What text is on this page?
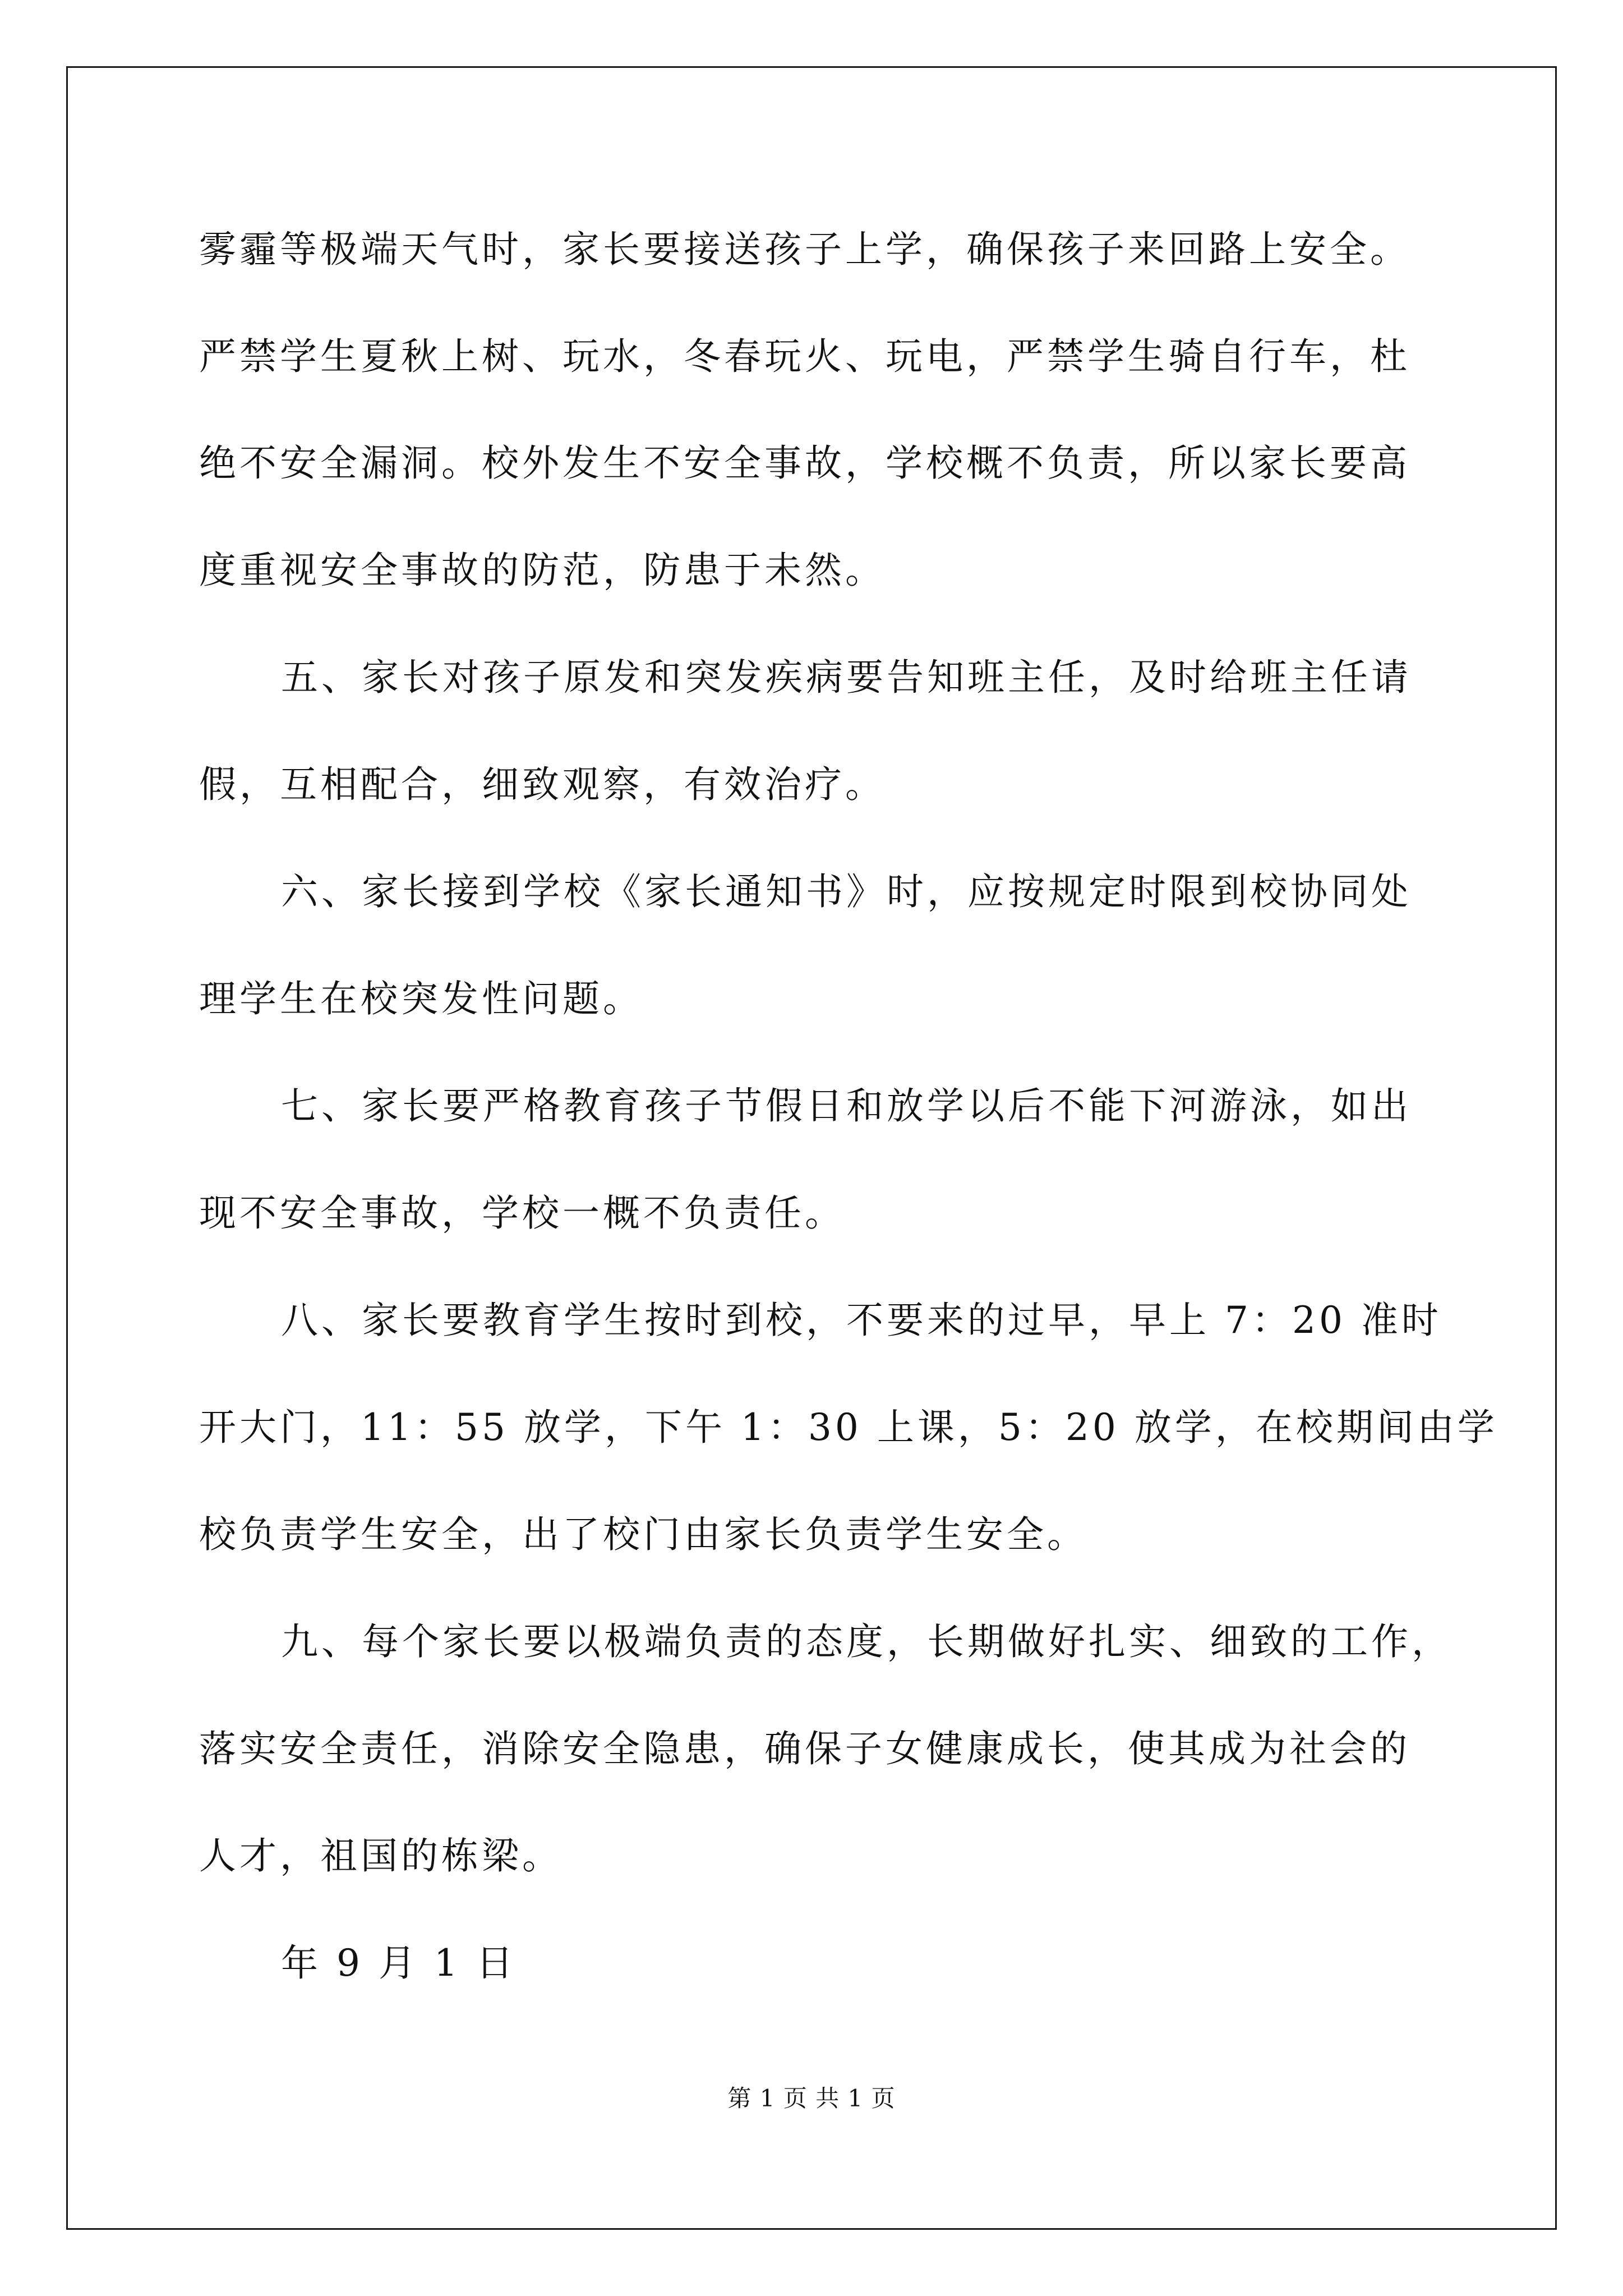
雾霾等极端天气时，家长要接送孩子上学，确保孩子来回路上安全。
严禁学生夏秋上树、玩水，冬春玩火、玩电，严禁学生骑自行车，杜
绝不安全漏洞。校外发生不安全事故，学校概不负责，所以家长要高
度重视安全事故的防范，防患于未然。
五、家长对孩子原发和突发疾病要告知班主任，及时给班主任请
假，互相配合，细致观察，有效治疗。
六、家长接到学校《家长通知书》时，应按规定时限到校协同处
理学生在校突发性问题。
七、家长要严格教育孩子节假日和放学以后不能下河游泳，如出
现不安全事故，学校一概不负责任。
八、家长要教育学生按时到校，不要来的过早，早上 7：20 准时
开大门，11：55 放学，下午 1：30 上课，5：20 放学，在校期间由学
校负责学生安全，出了校门由家长负责学生安全。
九、每个家长要以极端负责的态度，长期做好扎实、细致的工作，
落实安全责任，消除安全隐患，确保子女健康成长，使其成为社会的
人才，祖国的栋梁。
年 9 月 1 日
第 1 页 共 1 页
